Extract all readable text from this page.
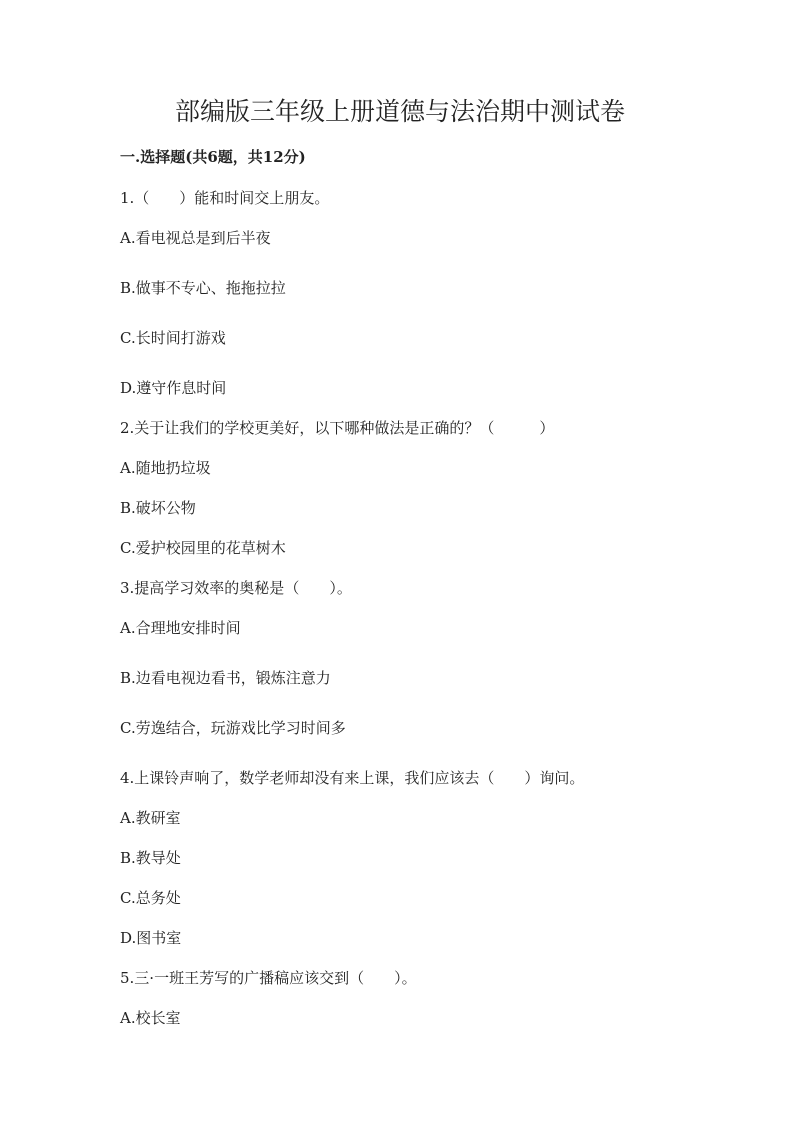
部编版三年级上册道德与法治期中测试卷
一.选择题(共6题，共12分)
1.（　　）能和时间交上朋友。
A.看电视总是到后半夜
B.做事不专心、拖拖拉拉
C.长时间打游戏
D.遵守作息时间
2.关于让我们的学校更美好，以下哪种做法是正确的？（　　　）
A.随地扔垃圾
B.破坏公物
C.爱护校园里的花草树木
3.提高学习效率的奥秘是（　　）。
A.合理地安排时间
B.边看电视边看书，锻炼注意力
C.劳逸结合，玩游戏比学习时间多
4.上课铃声响了，数学老师却没有来上课，我们应该去（　　）询问。
A.教研室
B.教导处
C.总务处
D.图书室
5.三·一班王芳写的广播稿应该交到（　　）。
A.校长室
